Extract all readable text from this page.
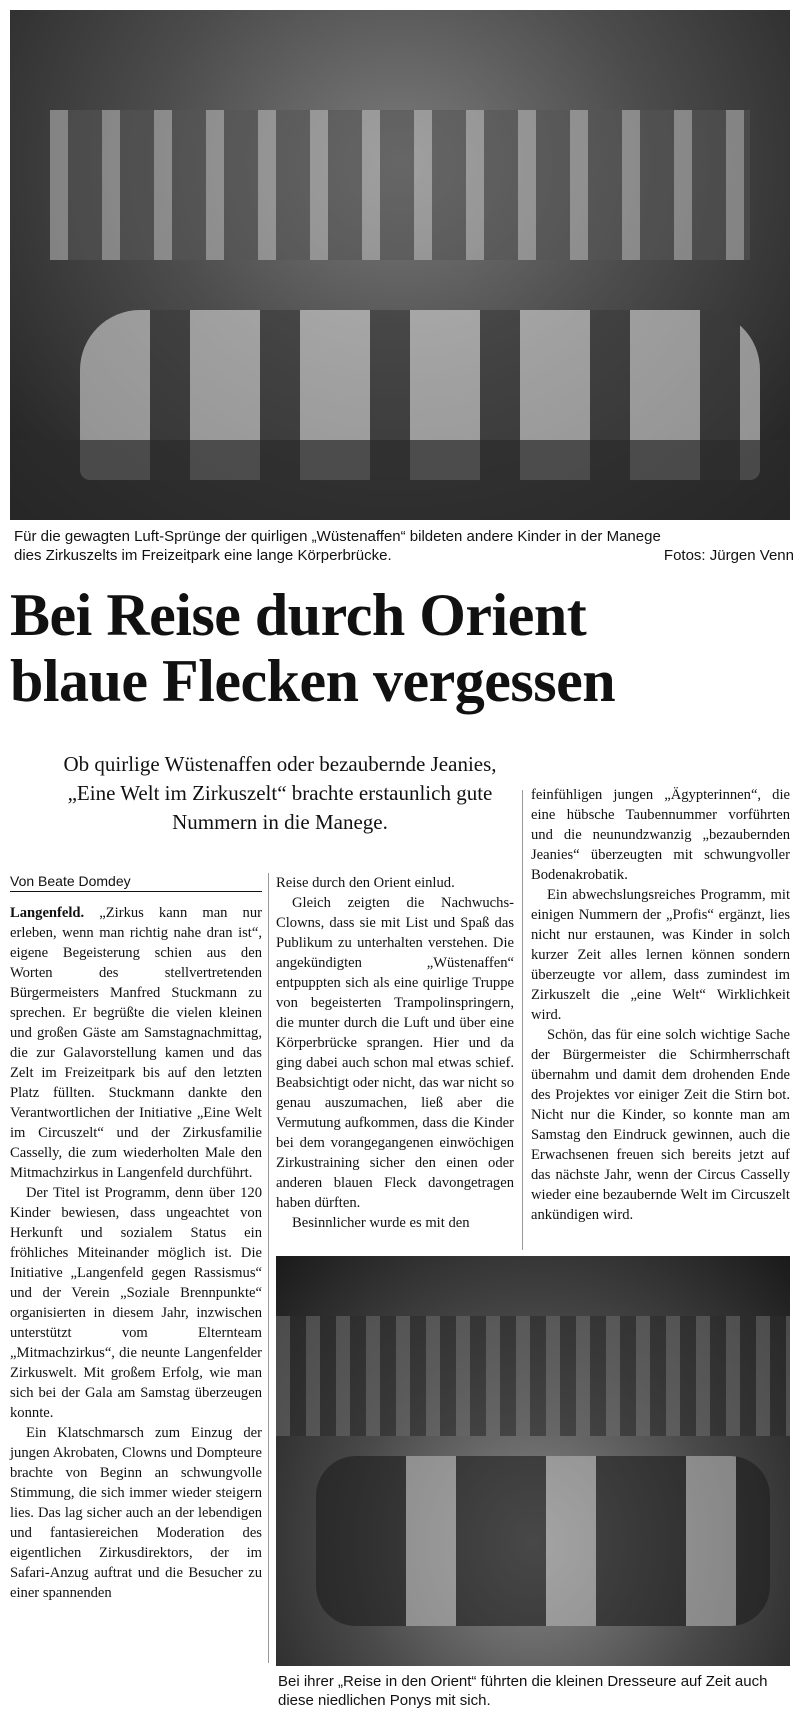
Für die gewagten Luft-Sprünge der quirligen „Wüstenaffen“ bildeten andere Kinder in der Manege
dies Zirkuszelts im Freizeitpark eine lange Körperbrücke.	Fotos: Jürgen Venn
Bei Reise durch Orient
blaue Flecken vergessen
Ob quirlige Wüstenaffen oder bezaubernde Jeanies, „Eine Welt im Zirkuszelt“ brachte erstaunlich gute Nummern in die Manege.
Von Beate Domdey

Langenfeld. „Zirkus kann man nur erleben, wenn man richtig nahe dran ist“, eigene Begeisterung schien aus den Worten des stellvertretenden Bürgermeisters Manfred Stuckmann zu sprechen. Er begrüßte die vielen kleinen und großen Gäste am Samstagnachmittag, die zur Galavorstellung kamen und das Zelt im Freizeitpark bis auf den letzten Platz füllten. Stuckmann dankte den Verantwortlichen der Initiative „Eine Welt im Circuszelt“ und der Zirkusfamilie Casselly, die zum wiederholten Male den Mitmachzirkus in Langenfeld durchführt.

Der Titel ist Programm, denn über 120 Kinder bewiesen, dass ungeachtet von Herkunft und sozialem Status ein fröhliches Miteinander möglich ist. Die Initiative „Langenfeld gegen Rassismus“ und der Verein „Soziale Brennpunkte“ organisierten in diesem Jahr, inzwischen unterstützt vom Elternteam „Mitmachzirkus“, die neunte Langenfelder Zirkuswelt. Mit großem Erfolg, wie man sich bei der Gala am Samstag überzeugen konnte.

Ein Klatschmarsch zum Einzug der jungen Akrobaten, Clowns und Dompteure brachte von Beginn an schwungvolle Stimmung, die sich immer wieder steigern lies. Das lag sicher auch an der lebendigen und fantasiereichen Moderation des eigentlichen Zirkusdirektors, der im Safari-Anzug auftrat und die Besucher zu einer spannenden

Reise durch den Orient einlud.

Gleich zeigten die Nachwuchs-Clowns, dass sie mit List und Spaß das Publikum zu unterhalten verstehen. Die angekündigten „Wüstenaffen“ entpuppten sich als eine quirlige Truppe von begeisterten Trampolinspringern, die munter durch die Luft und über eine Körperbrücke sprangen. Hier und da ging dabei auch schon mal etwas schief. Beabsichtigt oder nicht, das war nicht so genau auszumachen, ließ aber die Vermutung aufkommen, dass die Kinder bei dem vorangegangenen einwöchigen Zirkustraining sicher den einen oder anderen blauen Fleck davongetragen haben dürften.

Besinnlicher wurde es mit den

feinfühligen jungen „Ägypterinnen“, die eine hübsche Taubennummer vorführten und die neunundzwanzig „bezaubernden Jeanies“ überzeugten mit schwungvoller Bodenakrobatik.

Ein abwechslungsreiches Programm, mit einigen Nummern der „Profis“ ergänzt, lies nicht nur erstaunen, was Kinder in solch kurzer Zeit alles lernen können sondern überzeugte vor allem, dass zumindest im Zirkuszelt die „eine Welt“ Wirklichkeit wird.

Schön, das für eine solch wichtige Sache der Bürgermeister die Schirmherrschaft übernahm und damit dem drohenden Ende des Projektes vor einiger Zeit die Stirn bot. Nicht nur die Kinder, so konnte man am Samstag den Eindruck gewinnen, auch die Erwachsenen freuen sich bereits jetzt auf das nächste Jahr, wenn der Circus Casselly wieder eine bezaubernde Welt im Circuszelt ankündigen wird.

Bei ihrer „Reise in den Orient“ führten die kleinen Dresseure auf Zeit auch diese niedlichen Ponys mit sich.
